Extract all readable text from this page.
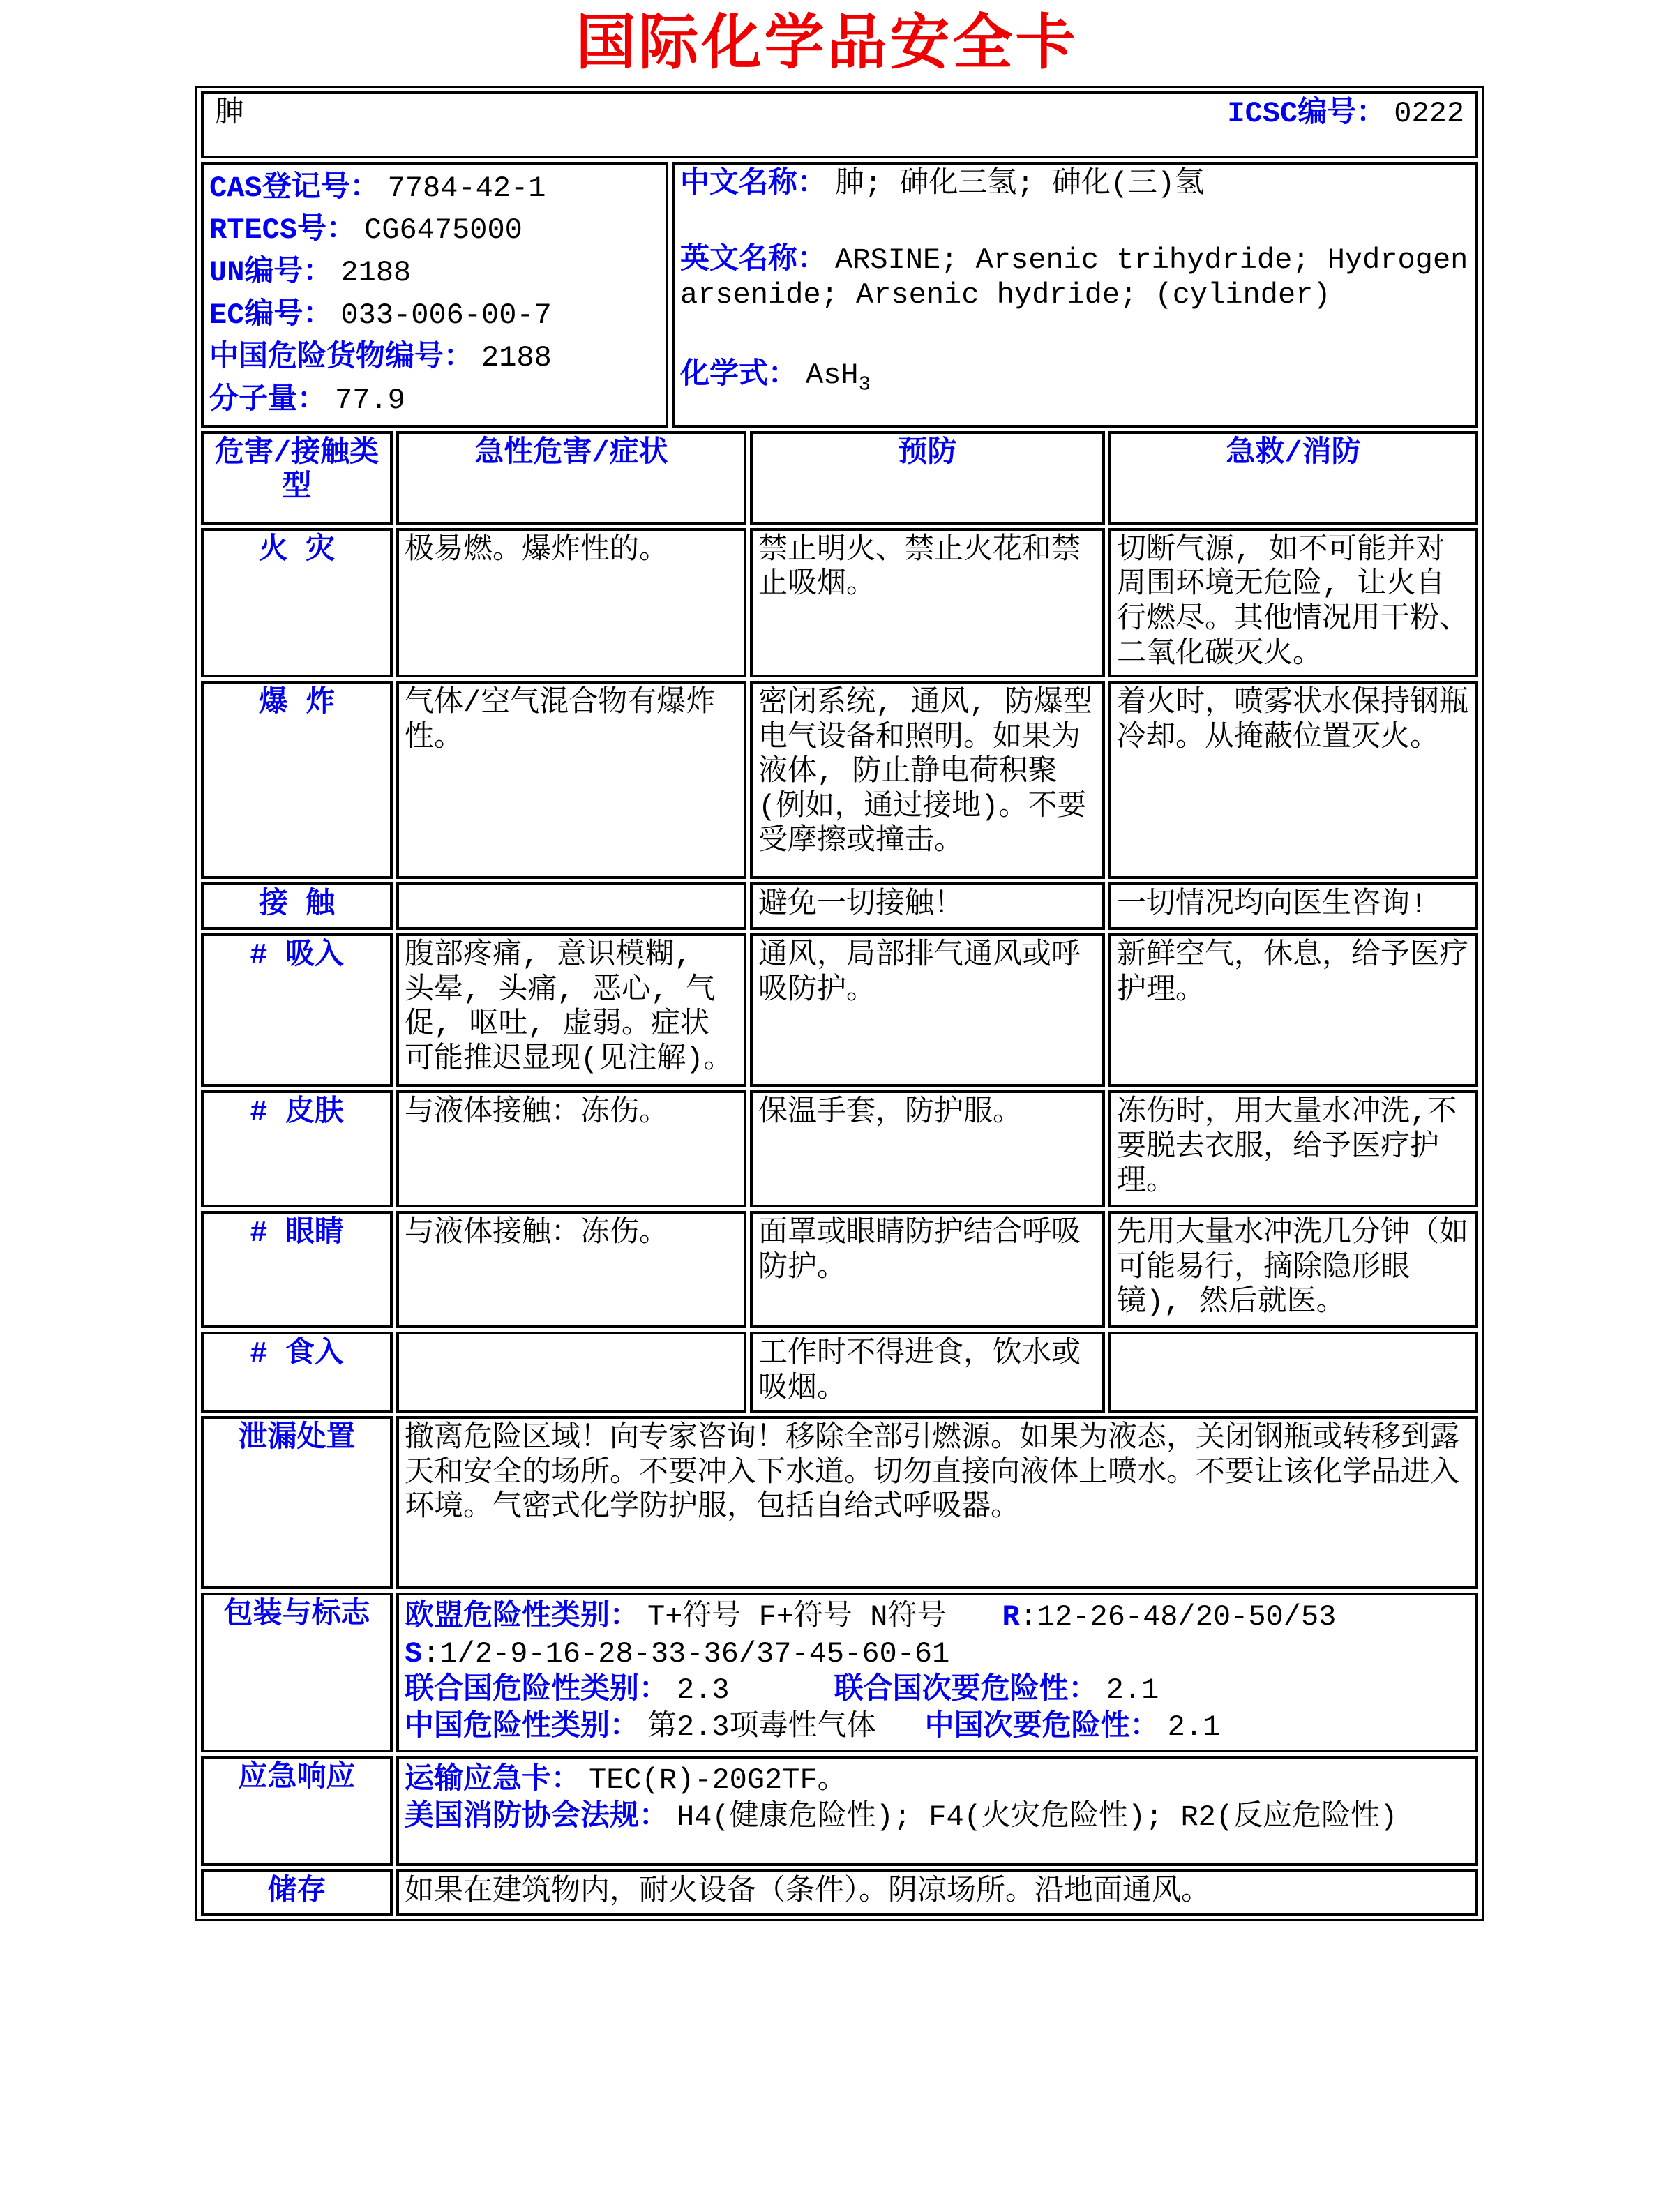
国际化学品安全卡
胂 ICSC编号： 0222				

CAS登记号： 7784-42-1
RTECS号： CG6475000
UN编号： 2188
EC编号： 033-006-00-7
中国危险货物编号： 2188
分子量： 77.9

中文名称： 胂; 砷化三氢; 砷化(三)氢
英文名称： ARSINE; Arsenic trihydride; Hydrogen arsenide; Arsenic hydride; (cylinder)
化学式： AsH$_3$

危害/接触类型	急性危害/症状		预防	急救/消防
火 灾	极易燃。爆炸性的。		禁止明火、禁止火花和禁止吸烟。	切断气源, 如不可能并对周围环境无危险, 让火自行燃尽。其他情况用干粉、二氧化碳灭火。
爆 炸	气体/空气混合物有爆炸性。		密闭系统, 通风, 防爆型电气设备和照明。如果为液体, 防止静电荷积聚(例如，通过接地)。不要受摩擦或撞击。	着火时，喷雾状水保持钢瓶冷却。从掩蔽位置灭火。
接 触			避免一切接触！	一切情况均向医生咨询!
# 吸入	腹部疼痛, 意识模糊, 头晕, 头痛, 恶心, 气促, 呕吐, 虚弱。症状可能推迟显现(见注解)。		通风，局部排气通风或呼吸防护。	新鲜空气，休息，给予医疗护理。
# 皮肤	与液体接触：冻伤。		保温手套，防护服。	冻伤时，用大量水冲洗,不要脱去衣服，给予医疗护理。
# 眼睛	与液体接触：冻伤。		面罩或眼睛防护结合呼吸防护。	先用大量水冲洗几分钟（如可能易行，摘除隐形眼镜), 然后就医。
# 食入			工作时不得进食，饮水或吸烟。	
泄漏处置	撤离危险区域！向专家咨询！移除全部引燃源。如果为液态，关闭钢瓶或转移到露天和安全的场所。不要冲入下水道。切勿直接向液体上喷水。不要让该化学品进入环境。气密式化学防护服，包括自给式呼吸器。			
包装与标志	欧盟危险性类别： T+符号 F+符号 N符号 R:12-26-48/20-50/53
S:1/2-9-16-28-33-36/37-45-60-61
联合国危险性类别： 2.3 联合国次要危险性： 2.1
中国危险性类别： 第2.3项毒性气体 中国次要危险性： 2.1			

应急响应	运输应急卡： TEC(R)-20G2TF。
美国消防协会法规： H4(健康危险性); F4(火灾危险性); R2(反应危险性)			

储存	如果在建筑物内，耐火设备（条件）。阴凉场所。沿地面通风。			
